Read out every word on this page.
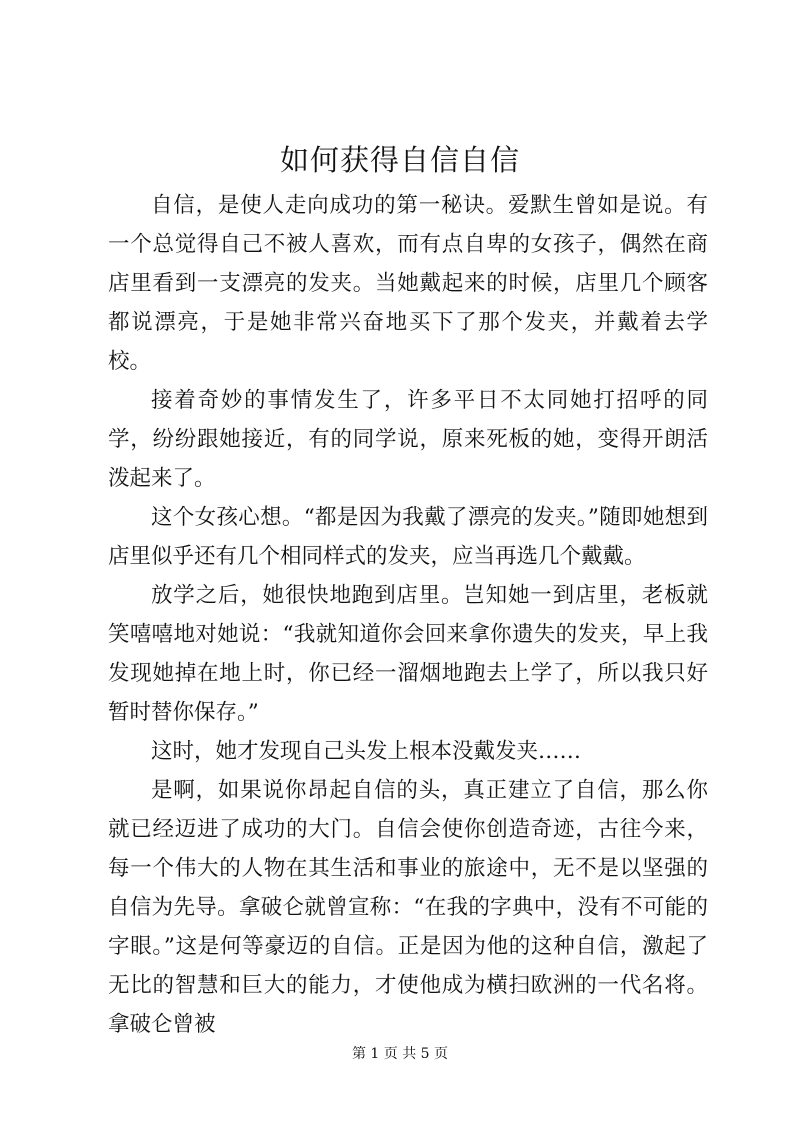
如何获得自信自信

自信，是使人走向成功的第一秘诀。爱默生曾如是说。有一个总觉得自己不被人喜欢，而有点自卑的女孩子，偶然在商店里看到一支漂亮的发夹。当她戴起来的时候，店里几个顾客都说漂亮，于是她非常兴奋地买下了那个发夹，并戴着去学校。

接着奇妙的事情发生了，许多平日不太同她打招呼的同学，纷纷跟她接近，有的同学说，原来死板的她，变得开朗活泼起来了。

这个女孩心想。“都是因为我戴了漂亮的发夹。”随即她想到店里似乎还有几个相同样式的发夹，应当再选几个戴戴。

放学之后，她很快地跑到店里。岂知她一到店里，老板就笑嘻嘻地对她说：“我就知道你会回来拿你遗失的发夹，早上我发现她掉在地上时，你已经一溜烟地跑去上学了，所以我只好暂时替你保存。”

这时，她才发现自己头发上根本没戴发夹……

是啊，如果说你昂起自信的头，真正建立了自信，那么你就已经迈进了成功的大门。自信会使你创造奇迹，古往今来，每一个伟大的人物在其生活和事业的旅途中，无不是以坚强的自信为先导。拿破仑就曾宣称：“在我的字典中，没有不可能的字眼。”这是何等豪迈的自信。正是因为他的这种自信，激起了无比的智慧和巨大的能力，才使他成为横扫欧洲的一代名将。拿破仑曾被

第 1 页 共 5 页
